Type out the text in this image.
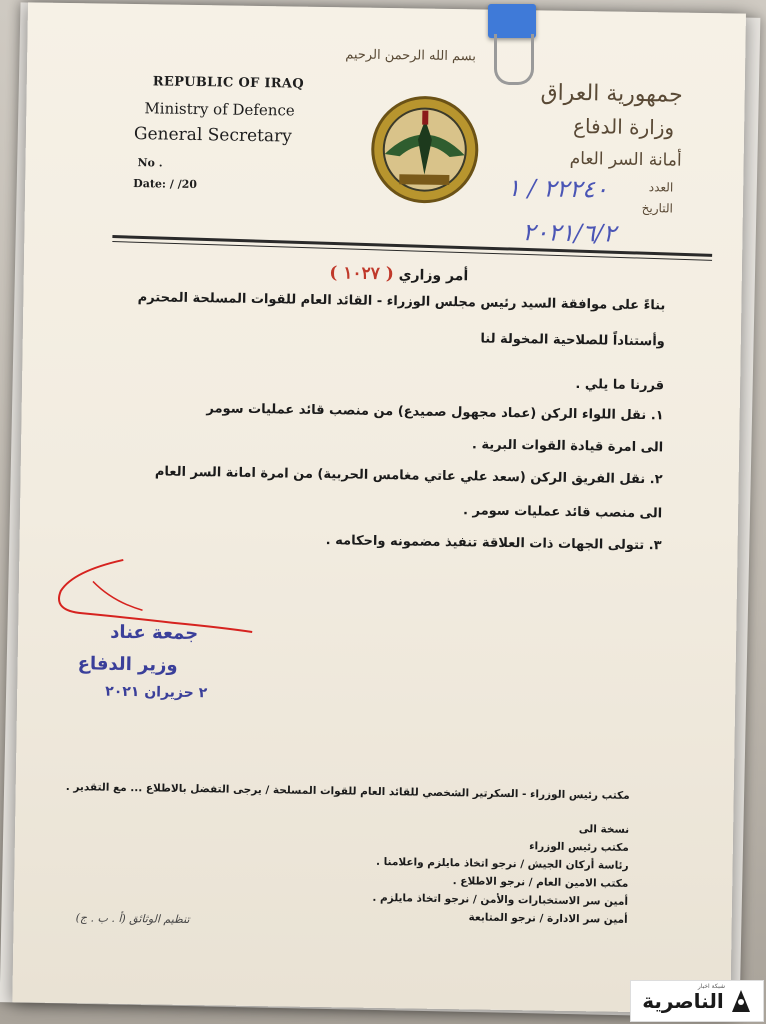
بسم الله الرحمن الرحيم
REPUBLIC OF IRAQ
Ministry of Defence
General Secretary
No .
Date: / /20
جمهورية العراق
وزارة الدفاع
أمانة السر العام
العدد
التاريخ
٢٢٢٤٠ / ١
٢٠٢١/٦/٢
أمر وزاري ( ١٠٢٧ )
بناءً على موافقة السيد رئيس مجلس الوزراء - القائد العام للقوات المسلحة المحترم
وأستناداً للصلاحية المخولة لنا
قررنا ما يلي .
١. نقل اللواء الركن (عماد مجهول صميدع) من منصب قائد عمليات سومر
الى امرة قيادة القوات البرية .
٢. نقل الفريق الركن (سعد علي عاتي مغامس الحربية) من امرة امانة السر العام
الى منصب قائد عمليات سومر .
٣. تتولى الجهات ذات العلاقة تنفيذ مضمونه واحكامه .
جمعة عناد
وزير الدفاع
٢ حزيران ٢٠٢١
مكتب رئيس الوزراء - السكرتير الشخصي للقائد العام للقوات المسلحة / يرجى التفضل بالاطلاع ... مع التقدير .
نسخة الى
مكتب رئيس الوزراء
رئاسة أركان الجيش / نرجو اتخاذ مايلزم واعلامنا .
مكتب الامين العام / نرجو الاطلاع .
أمين سر الاستخبارات والأمن / نرجو اتخاذ مايلزم .
أمين سر الادارة / نرجو المتابعة
تنظيم الوثائق (أ . ب . ج)
شبكة اخبار
الناصرية
